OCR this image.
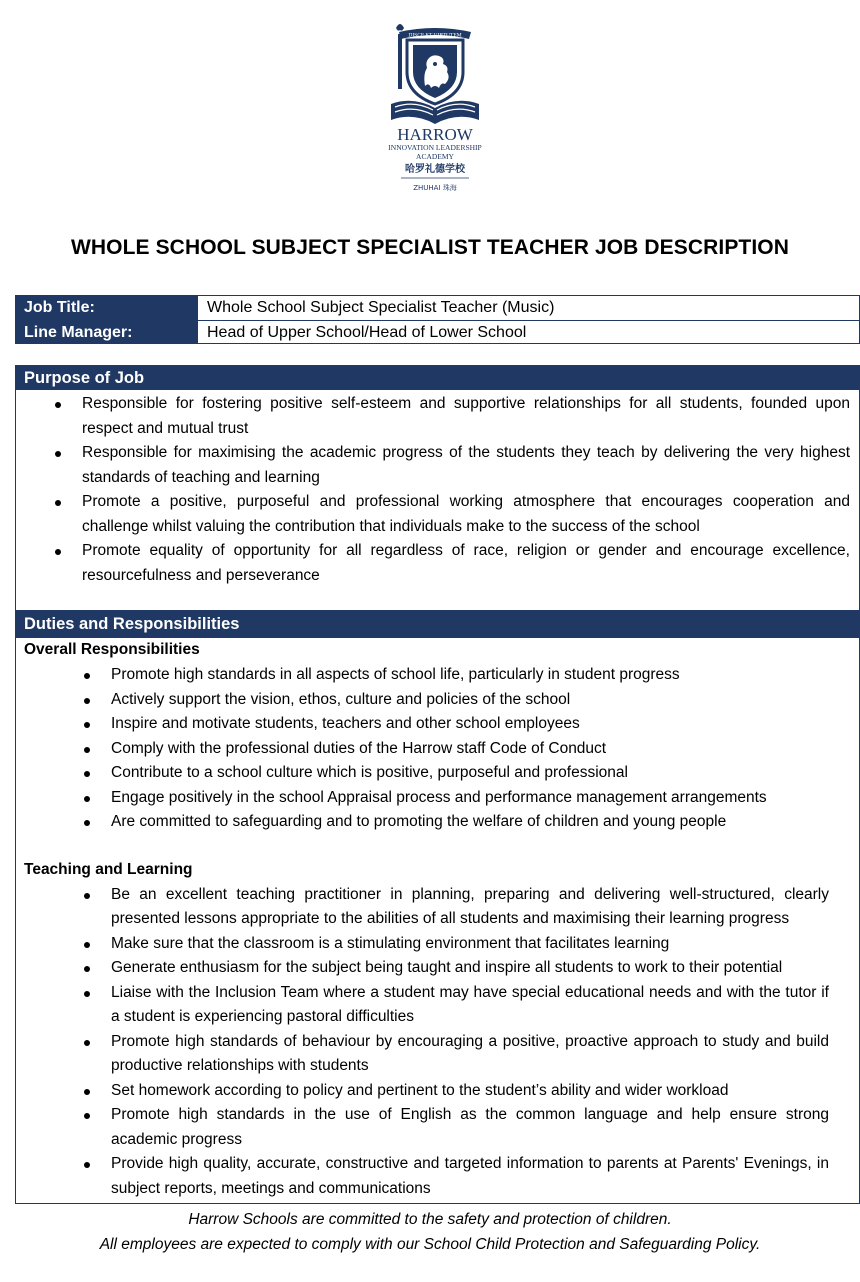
DISCE ET VIRTUTEM
HARROW
INNOVATION LEADERSHIP
ACADEMY
哈罗礼德学校
ZHUHAI 珠海
WHOLE SCHOOL SUBJECT SPECIALIST TEACHER JOB DESCRIPTION
Job Title:	Whole School Subject Specialist Teacher (Music)
Line Manager:	Head of Upper School/Head of Lower School
Purpose of Job
Responsible for fostering positive self-esteem and supportive relationships for all students, founded upon respect and mutual trust
Responsible for maximising the academic progress of the students they teach by delivering the very highest standards of teaching and learning
Promote a positive, purposeful and professional working atmosphere that encourages cooperation and challenge whilst valuing the contribution that individuals make to the success of the school
Promote equality of opportunity for all regardless of race, religion or gender and encourage excellence, resourcefulness and perseverance
Duties and Responsibilities
Overall Responsibilities
Promote high standards in all aspects of school life, particularly in student progress
Actively support the vision, ethos, culture and policies of the school
Inspire and motivate students, teachers and other school employees
Comply with the professional duties of the Harrow staff Code of Conduct
Contribute to a school culture which is positive, purposeful and professional
Engage positively in the school Appraisal process and performance management arrangements
Are committed to safeguarding and to promoting the welfare of children and young people
Teaching and Learning
Be an excellent teaching practitioner in planning, preparing and delivering well-structured, clearly presented lessons appropriate to the abilities of all students and maximising their learning progress
Make sure that the classroom is a stimulating environment that facilitates learning
Generate enthusiasm for the subject being taught and inspire all students to work to their potential
Liaise with the Inclusion Team where a student may have special educational needs and with the tutor if a student is experiencing pastoral difficulties
Promote high standards of behaviour by encouraging a positive, proactive approach to study and build productive relationships with students
Set homework according to policy and pertinent to the student’s ability and wider workload
Promote high standards in the use of English as the common language and help ensure strong academic progress
Provide high quality, accurate, constructive and targeted information to parents at Parents' Evenings, in subject reports, meetings and communications
Harrow Schools are committed to the safety and protection of children.
All employees are expected to comply with our School Child Protection and Safeguarding Policy.
